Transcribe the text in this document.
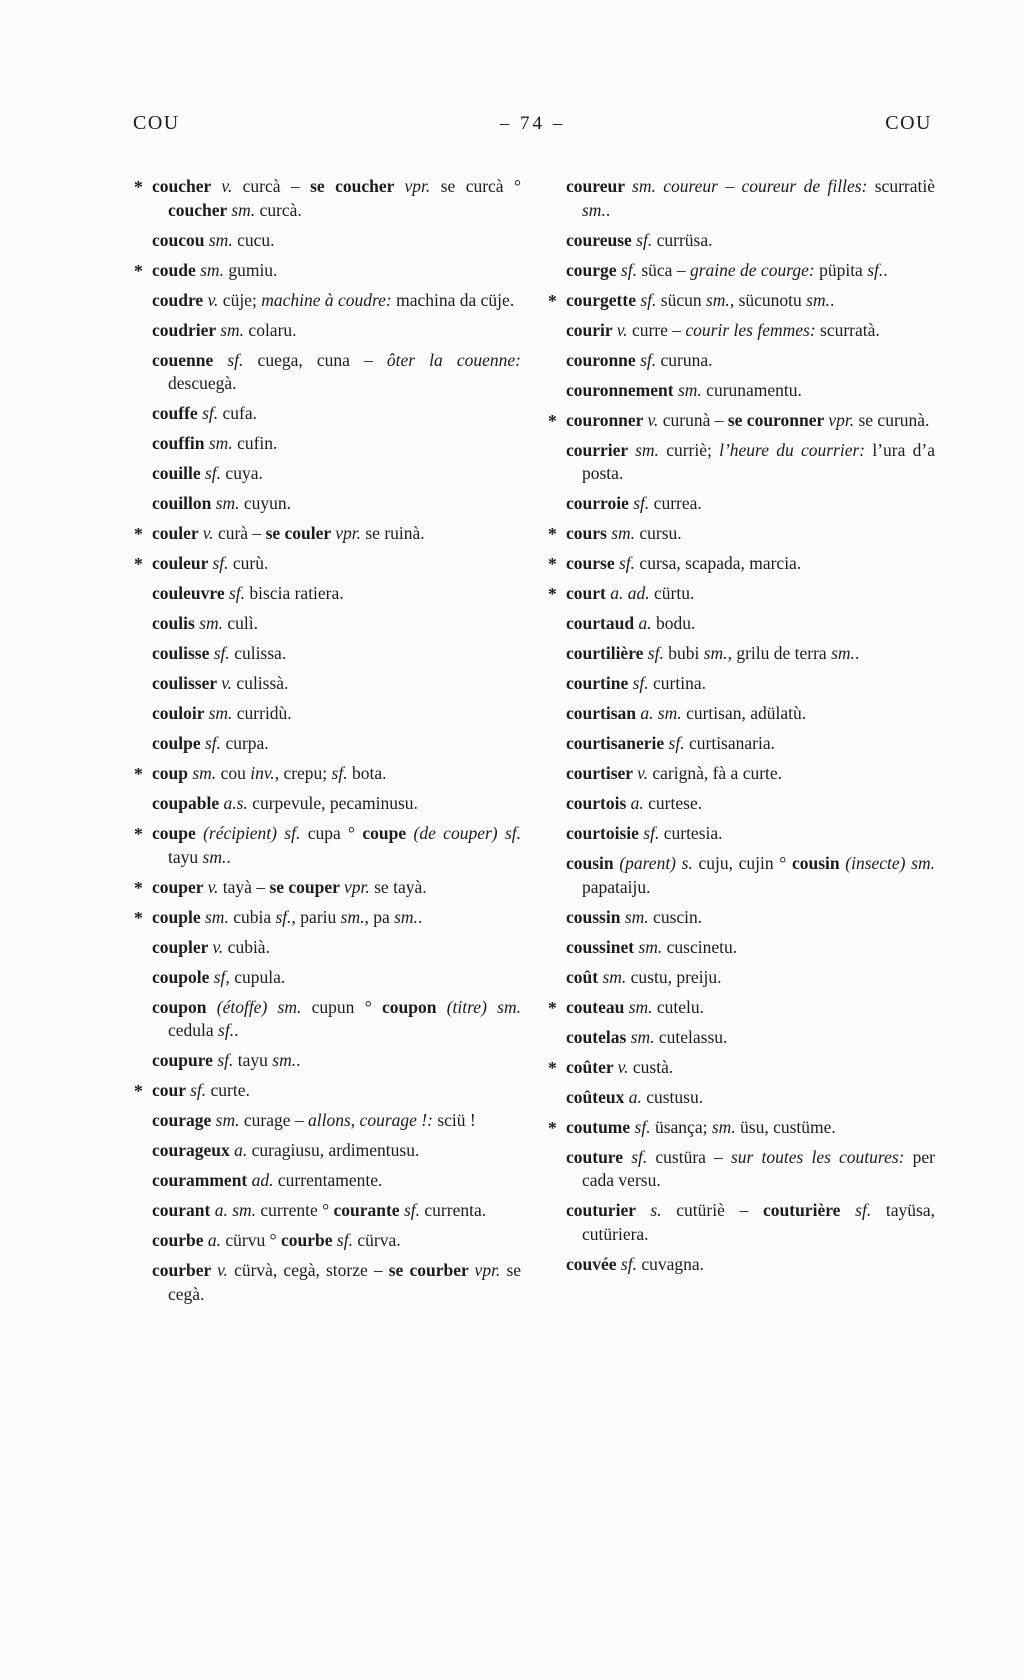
COU	– 74 –	COU
* coucher v. curcà – se coucher vpr. se curcà ° coucher sm. curcà.
coucou sm. cucu.
* coude sm. gumiu.
coudre v. cüje; machine à coudre: machina da cüje.
coudrier sm. colaru.
couenne sf. cuega, cuna – ôter la couenne: descuegà.
couffe sf. cufa.
couffin sm. cufin.
couille sf. cuya.
couillon sm. cuyun.
* couler v. curà – se couler vpr. se ruinà.
* couleur sf. curù.
couleuvre sf. biscia ratiera.
coulis sm. culì.
coulisse sf. culissa.
coulisser v. culissà.
couloir sm. curridù.
coulpe sf. curpa.
* coup sm. cou inv., crepu; sf. bota.
coupable a.s. curpevule, pecaminusu.
* coupe (récipient) sf. cupa ° coupe (de couper) sf. tayu sm..
* couper v. tayà – se couper vpr. se tayà.
* couple sm. cubia sf., pariu sm., pa sm..
coupler v. cubià.
coupole sf, cupula.
coupon (étoffe) sm. cupun ° coupon (titre) sm. cedula sf..
coupure sf. tayu sm..
* cour sf. curte.
courage sm. curage – allons, courage !: sciü !
courageux a. curagiusu, ardimentusu.
couramment ad. currentamente.
courant a. sm. currente ° courante sf. currenta.
courbe a. cürvu ° courbe sf. cürva.
courber v. cürvà, cegà, storze – se courber vpr. se cegà.
coureur sm. coureur – coureur de filles: scurratiè sm..
coureuse sf. currüsa.
courge sf. süca – graine de courge: püpita sf..
* courgette sf. sücun sm., sücunotu sm..
courir v. curre – courir les femmes: scurratà.
couronne sf. curuna.
couronnement sm. curunamentu.
* couronner v. curunà – se couronner vpr. se curunà.
courrier sm. curriè; l’heure du courrier: l’ura d’a posta.
courroie sf. currea.
* cours sm. cursu.
* course sf. cursa, scapada, marcia.
* court a. ad. cürtu.
courtaud a. bodu.
courtilière sf. bubi sm., grilu de terra sm..
courtine sf. curtina.
courtisan a. sm. curtisan, adülatù.
courtisanerie sf. curtisanaria.
courtiser v. carignà, fà a curte.
courtois a. curtese.
courtoisie sf. curtesia.
cousin (parent) s. cuju, cujin ° cousin (insecte) sm. papataiju.
coussin sm. cuscin.
coussinet sm. cuscinetu.
coût sm. custu, preiju.
* couteau sm. cutelu.
coutelas sm. cutelassu.
* coûter v. custà.
coûteux a. custusu.
* coutume sf. üsança; sm. üsu, custüme.
couture sf. custüra – sur toutes les coutures: per cada versu.
couturier s. cutüriè – couturière sf. tayüsa, cutüriera.
couvée sf. cuvagna.
